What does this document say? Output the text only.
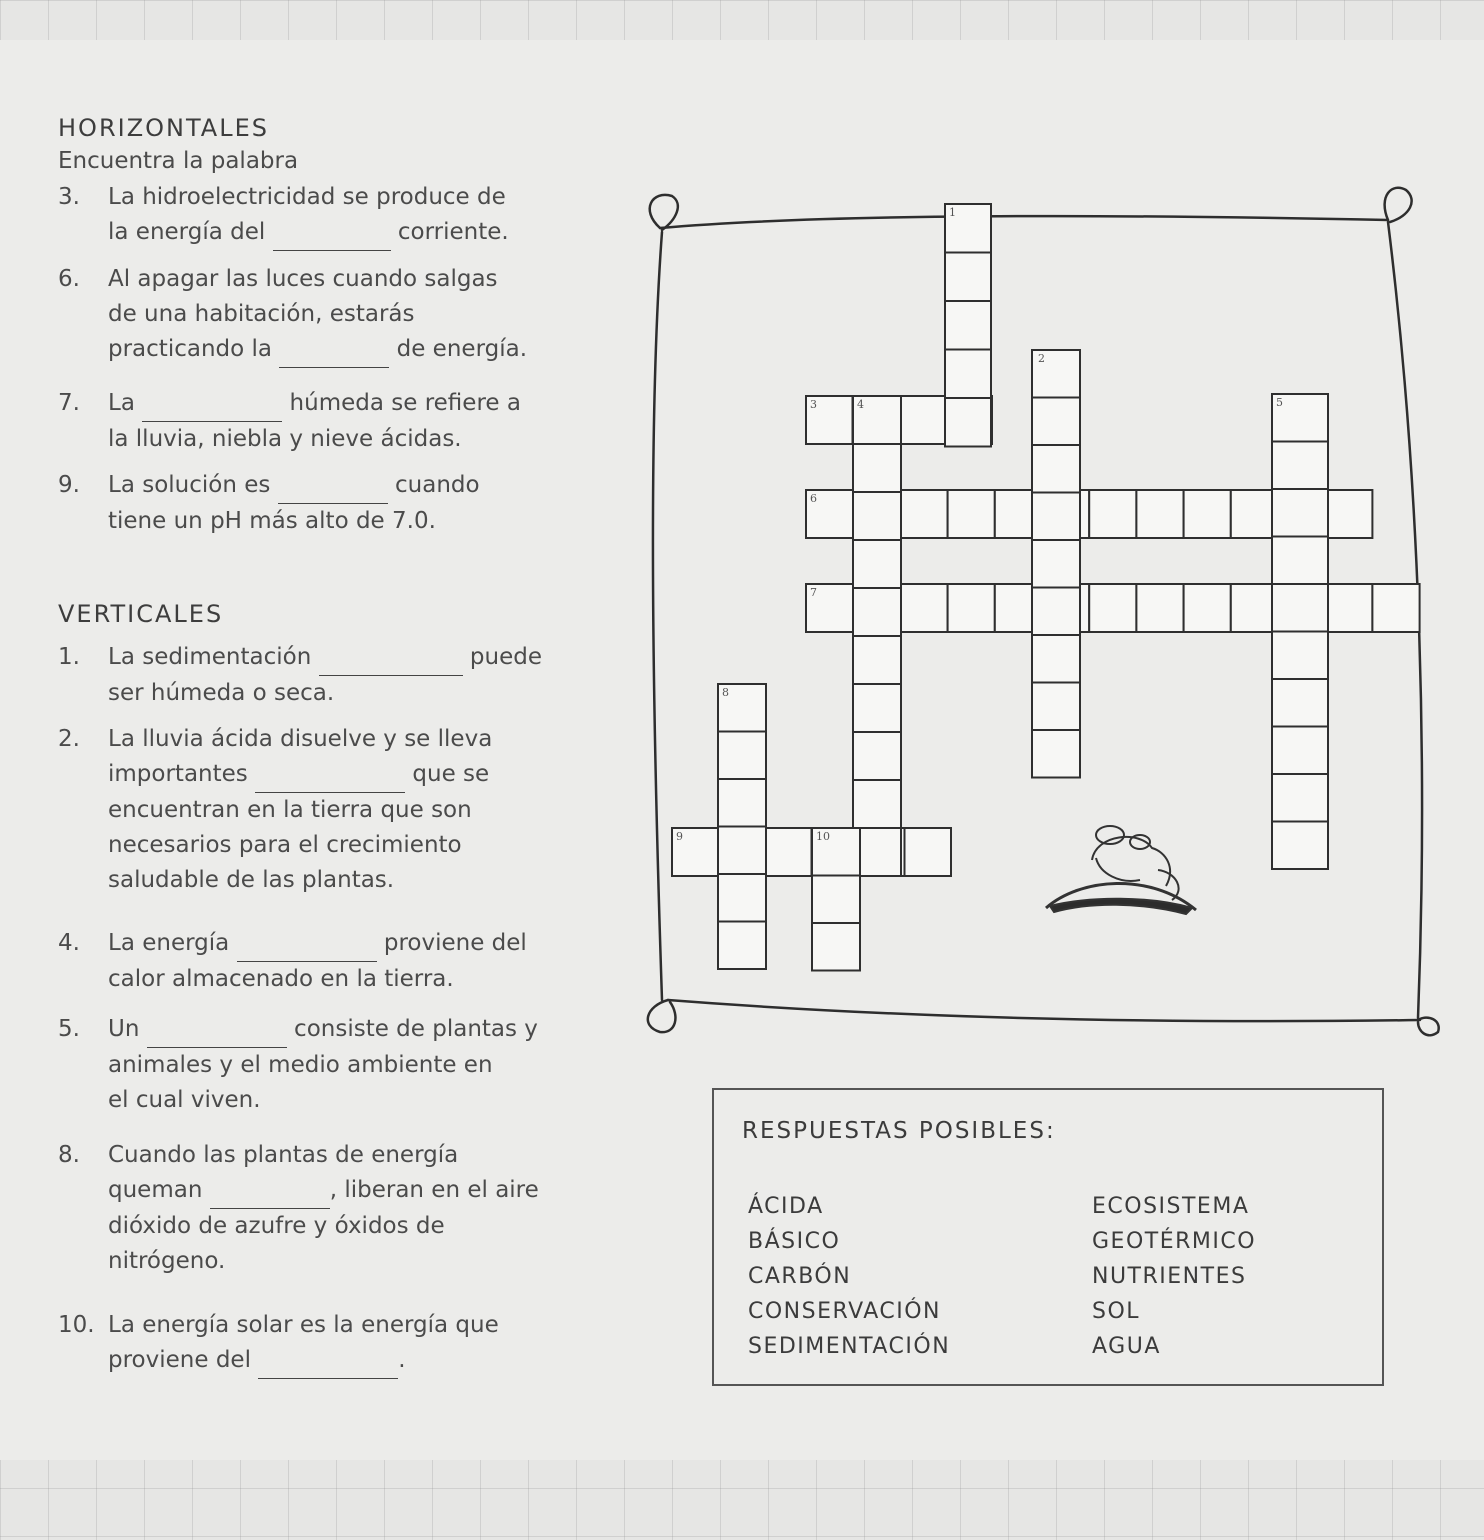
HORIZONTALES
Encuentra la palabra
3. La hidroelectricidad se produce de
la energía del	corriente.
6. Al apagar las luces cuando salgas
de una habitación, estarás
practicando la	de energía.
7. La	húmeda se refiere a
la lluvia, niebla y nieve ácidas.
9. La solución es	cuando
tiene un pH más alto de 7.0.
VERTICALES
1. La sedimentación	puede
ser húmeda o seca.
2. La lluvia ácida disuelve y se lleva
importantes	que se
encuentran en la tierra que son
necesarios para el crecimiento
saludable de las plantas.
4. La energía	proviene del
calor almacenado en la tierra.
5. Un	consiste de plantas y
animales y el medio ambiente en
el cual viven.
8. Cuando las plantas de energía
queman	, liberan en el aire
dióxido de azufre y óxidos de
nitrógeno.
10. La energía solar es la energía que
proviene del	.
1
2
3	4	5
6
7
8
9	10
RESPUESTAS POSIBLES:
ÁCIDA
BÁSICO
CARBÓN
CONSERVACIÓN
SEDIMENTACIÓN
ECOSISTEMA
GEOTÉRMICO
NUTRIENTES
SOL
AGUA
